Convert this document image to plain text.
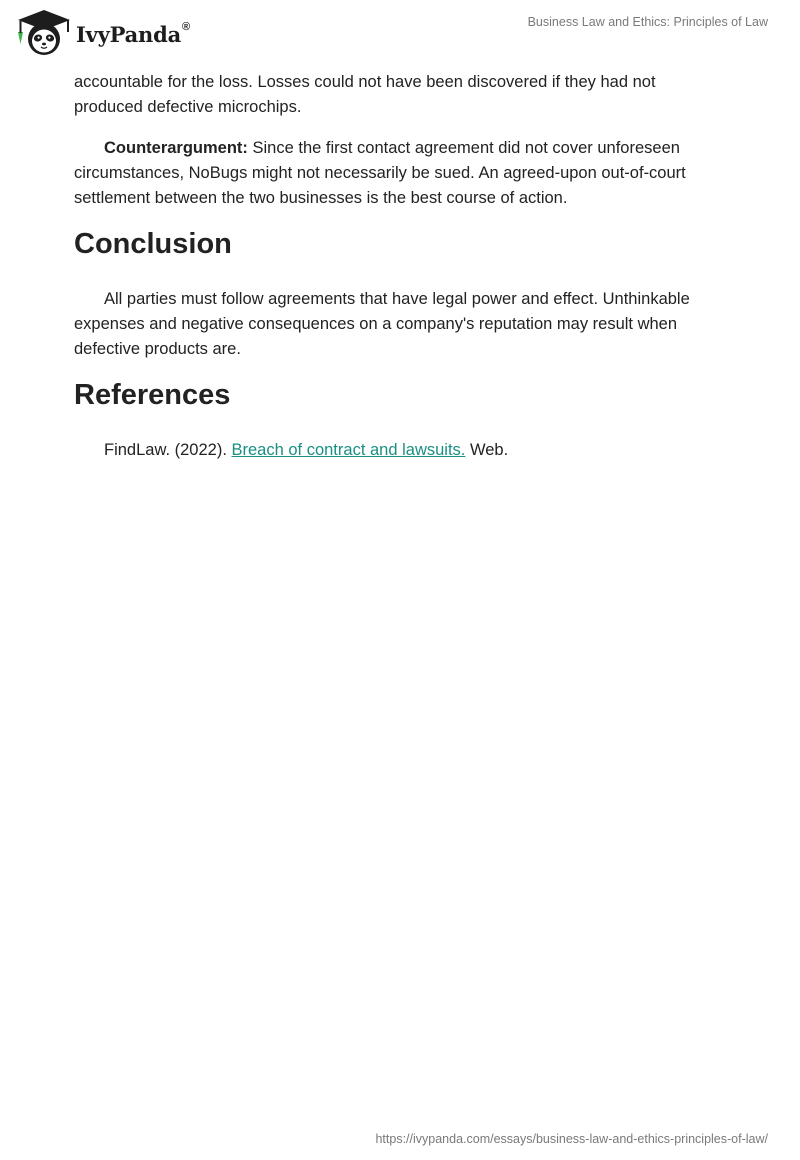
IvyPanda®	Business Law and Ethics: Principles of Law

accountable for the loss. Losses could not have been discovered if they had not produced defective microchips.

Counterargument: Since the first contact agreement did not cover unforeseen circumstances, NoBugs might not necessarily be sued. An agreed-upon out-of-court settlement between the two businesses is the best course of action.

Conclusion

All parties must follow agreements that have legal power and effect. Unthinkable expenses and negative consequences on a company's reputation may result when defective products are.

References

FindLaw. (2022). Breach of contract and lawsuits. Web.

https://ivypanda.com/essays/business-law-and-ethics-principles-of-law/
